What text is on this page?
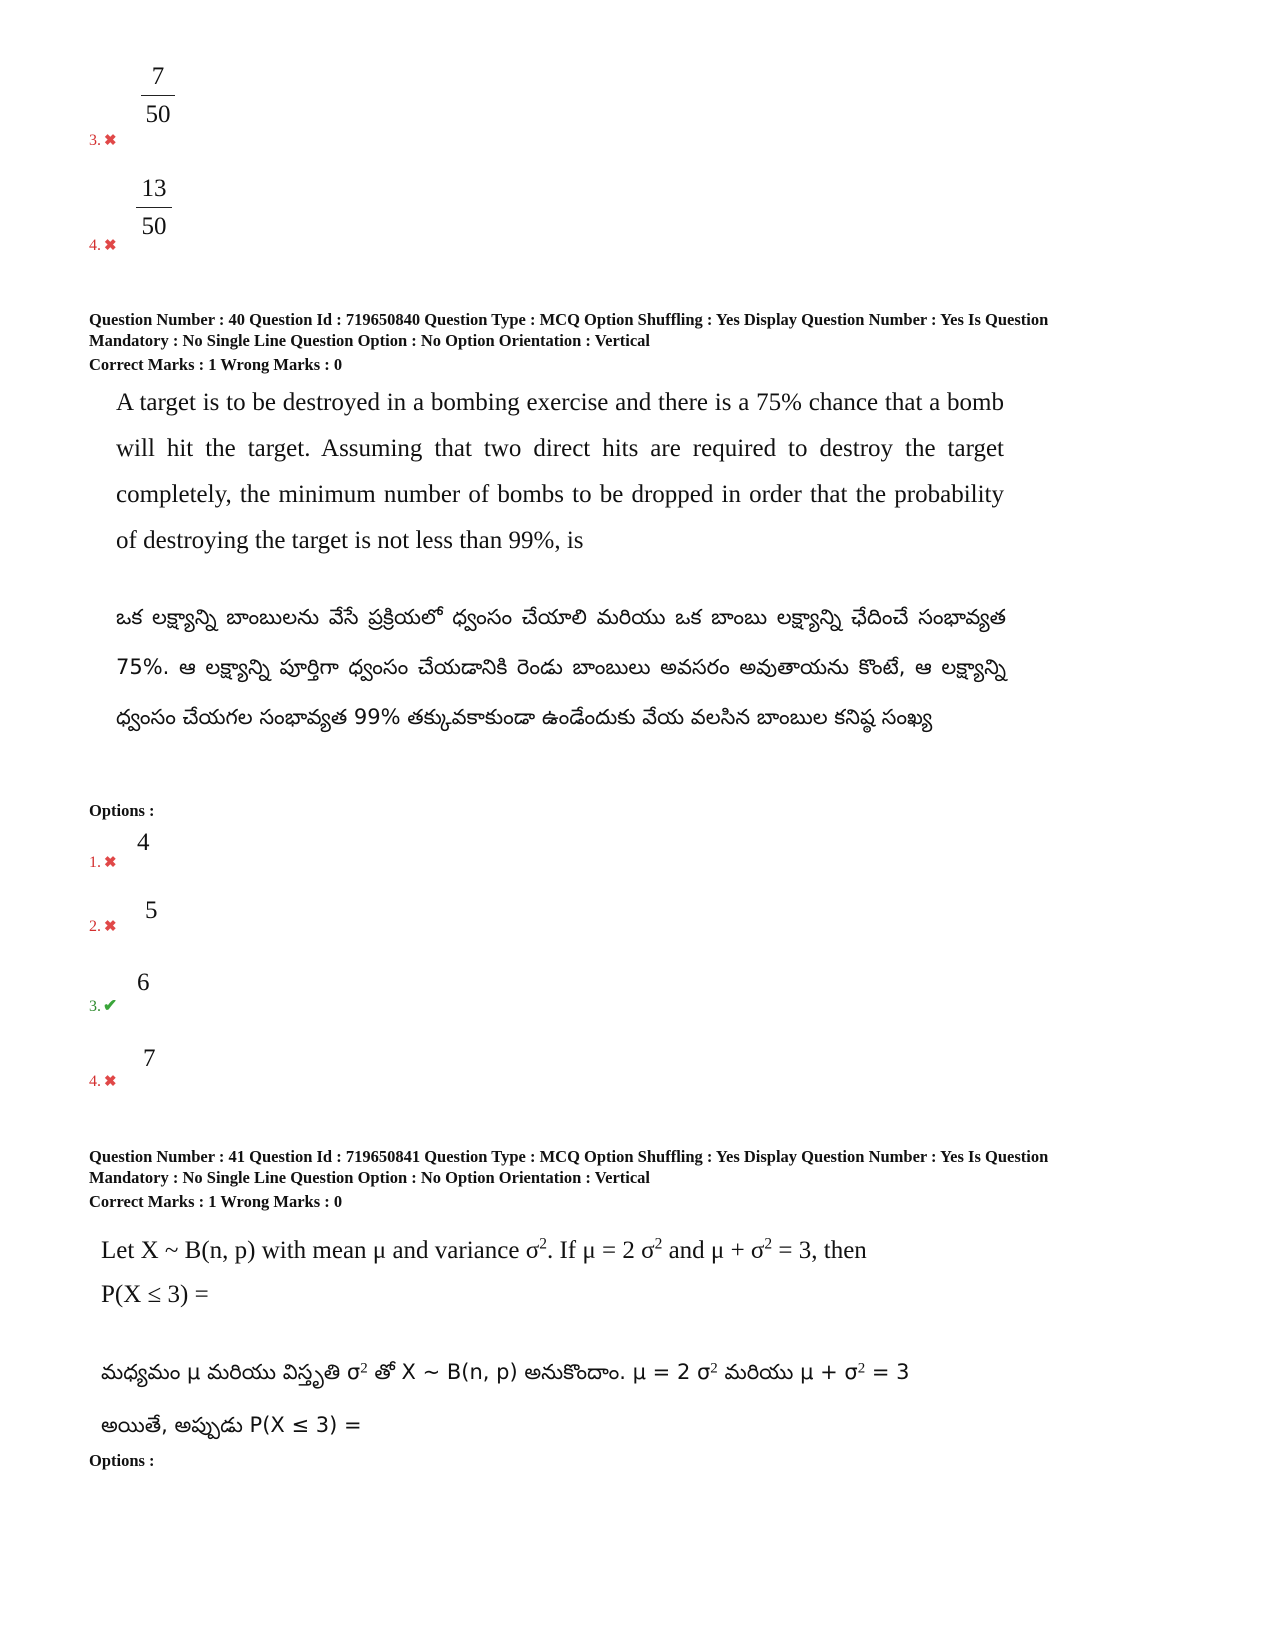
7
50
3. ✖
13
50
4. ✖
Question Number : 40 Question Id : 719650840 Question Type : MCQ Option Shuffling : Yes Display Question Number : Yes Is Question
Mandatory : No Single Line Question Option : No Option Orientation : Vertical
Correct Marks : 1 Wrong Marks : 0
A target is to be destroyed in a bombing exercise and there is a 75% chance that a bomb will hit the target. Assuming that two direct hits are required to destroy the target completely, the minimum number of bombs to be dropped in order that the probability of destroying the target is not less than 99%, is
ఒక లక్ష్యాన్ని బాంబులను వేసే ప్రక్రియలో ధ్వంసం చేయాలి మరియు ఒక బాంబు లక్ష్యాన్ని ఛేదించే సంభావ్యత 75%. ఆ లక్ష్యాన్ని పూర్తిగా ధ్వంసం చేయడానికి రెండు బాంబులు అవసరం అవుతాయను కొంటే, ఆ లక్ష్యాన్ని ధ్వంసం చేయగల సంభావ్యత 99% తక్కువకాకుండా ఉండేందుకు వేయ వలసిన బాంబుల కనిష్ఠ సంఖ్య
Options :
1. ✖
4
2. ✖
5
3. ✔
6
4. ✖
7
Question Number : 41 Question Id : 719650841 Question Type : MCQ Option Shuffling : Yes Display Question Number : Yes Is Question
Mandatory : No Single Line Question Option : No Option Orientation : Vertical
Correct Marks : 1 Wrong Marks : 0
Let X ~ B(n, p) with mean μ and variance $\sigma^2$. If μ = 2 $\sigma^2$ and $\mu + \sigma^2 = 3$, then
P(X ≤ 3) =
మధ్యమం μ మరియు విస్తృతి $\sigma^2$ తో X ~ B(n, p) అనుకొందాం. μ = 2 $\sigma^2$ మరియు $\mu + \sigma^2 = 3$
అయితే, అప్పుడు P(X ≤ 3) =
Options :
